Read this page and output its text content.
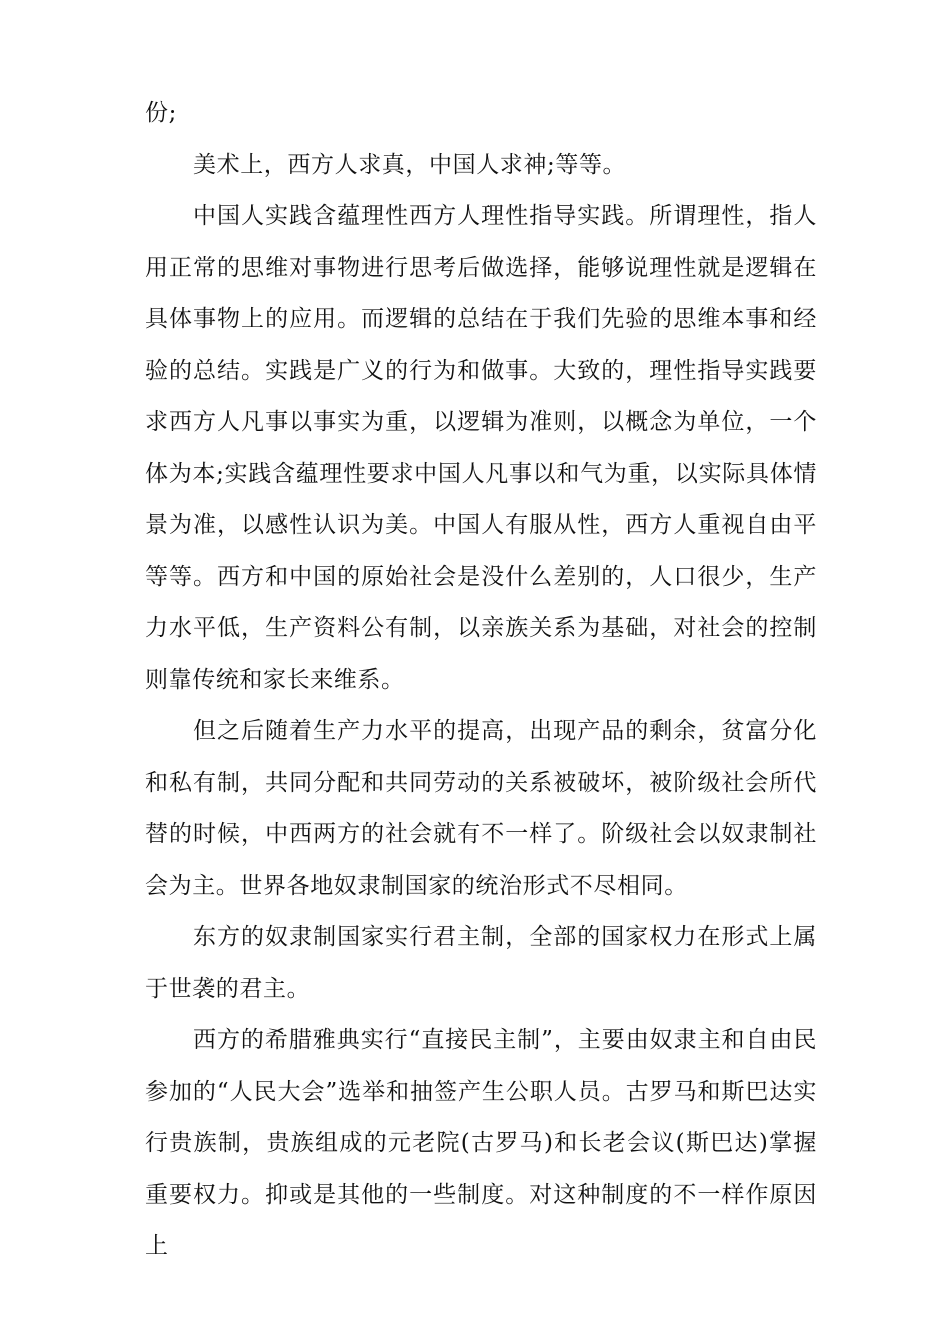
份;

美术上，西方人求真，中国人求神;等等。

中国人实践含蕴理性西方人理性指导实践。所谓理性，指人用正常的思维对事物进行思考后做选择，能够说理性就是逻辑在具体事物上的应用。而逻辑的总结在于我们先验的思维本事和经验的总结。实践是广义的行为和做事。大致的，理性指导实践要求西方人凡事以事实为重，以逻辑为准则，以概念为单位，一个体为本;实践含蕴理性要求中国人凡事以和气为重，以实际具体情景为准，以感性认识为美。中国人有服从性，西方人重视自由平等等。西方和中国的原始社会是没什么差别的，人口很少，生产力水平低，生产资料公有制，以亲族关系为基础，对社会的控制则靠传统和家长来维系。

但之后随着生产力水平的提高，出现产品的剩余，贫富分化和私有制，共同分配和共同劳动的关系被破坏，被阶级社会所代替的时候，中西两方的社会就有不一样了。阶级社会以奴隶制社会为主。世界各地奴隶制国家的统治形式不尽相同。

东方的奴隶制国家实行君主制，全部的国家权力在形式上属于世袭的君主。

西方的希腊雅典实行“直接民主制”，主要由奴隶主和自由民参加的“人民大会”选举和抽签产生公职人员。古罗马和斯巴达实行贵族制，贵族组成的元老院(古罗马)和长老会议(斯巴达)掌握重要权力。抑或是其他的一些制度。对这种制度的不一样作原因上
